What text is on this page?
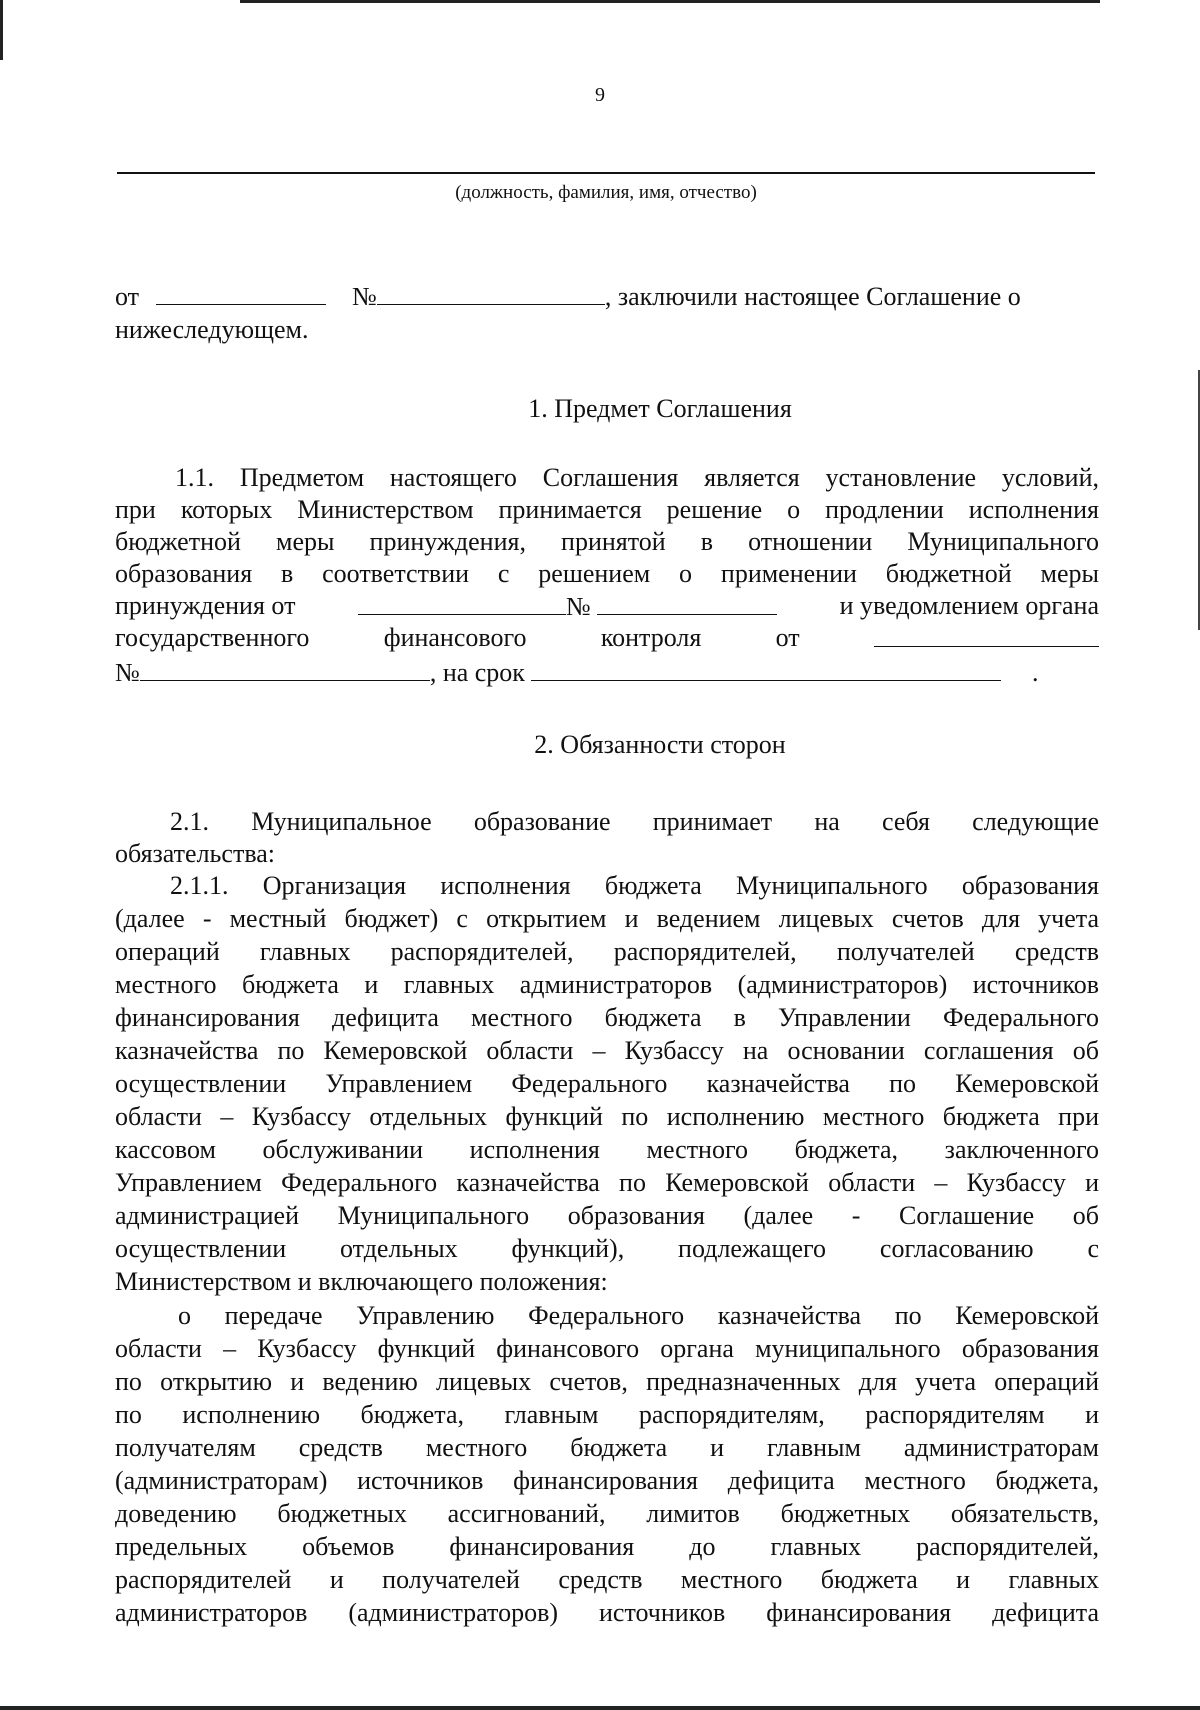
9
(должность, фамилия, имя, отчество)
от	№	, заключили настоящее Соглашение о
нижеследующем.
1. Предмет Соглашения
1.1. Предметом настоящего Соглашения является установление условий,
при которых Министерством принимается решение о продлении исполнения
бюджетной меры принуждения, принятой в отношении Муниципального
образования в соответствии с решением о применении бюджетной меры
принуждения от	№	и уведомлением органа
государственного	финансового	контроля	от
№	, на срок	.
2. Обязанности сторон
2.1. Муниципальное образование принимает на себя следующие
обязательства:
2.1.1. Организация исполнения бюджета Муниципального образования
(далее - местный бюджет) с открытием и ведением лицевых счетов для учета
операций главных распорядителей, распорядителей, получателей средств
местного бюджета и главных администраторов (администраторов) источников
финансирования дефицита местного бюджета в Управлении Федерального
казначейства по Кемеровской области – Кузбассу на основании соглашения об
осуществлении Управлением Федерального казначейства по Кемеровской
области – Кузбассу отдельных функций по исполнению местного бюджета при
кассовом обслуживании исполнения местного бюджета, заключенного
Управлением Федерального казначейства по Кемеровской области – Кузбассу и
администрацией Муниципального образования (далее - Соглашение об
осуществлении отдельных функций), подлежащего согласованию с
Министерством и включающего положения:
о передаче Управлению Федерального казначейства по Кемеровской
области – Кузбассу функций финансового органа муниципального образования
по открытию и ведению лицевых счетов, предназначенных для учета операций
по исполнению бюджета, главным распорядителям, распорядителям и
получателям средств местного бюджета и главным администраторам
(администраторам) источников финансирования дефицита местного бюджета,
доведению бюджетных ассигнований, лимитов бюджетных обязательств,
предельных объемов финансирования до главных распорядителей,
распорядителей и получателей средств местного бюджета и главных
администраторов (администраторов) источников финансирования дефицита
